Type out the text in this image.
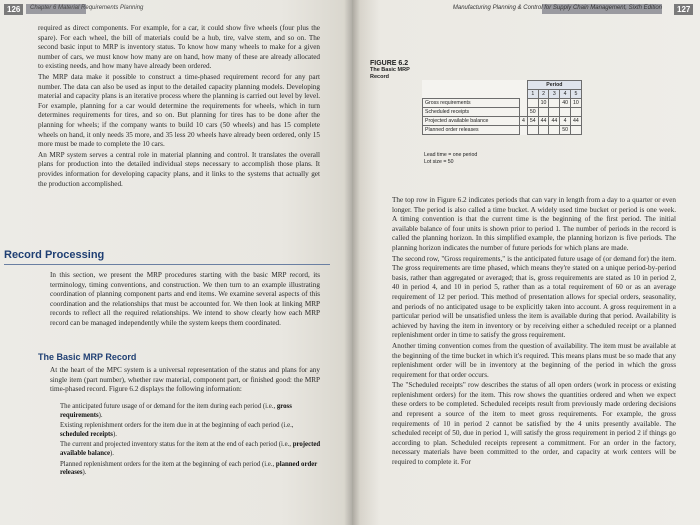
126	Chapter 6 Material Requirements Planning

required as direct components. For example, for a car, it could show five wheels (four plus the spare). For each wheel, the bill of materials could be a hub, tire, valve stem, and so on. The second basic input to MRP is inventory status. To know how many wheels to make for a given number of cars, we must know how many are on hand, how many of these are already allocated to existing needs, and how many have already been ordered.

The MRP data make it possible to construct a time-phased requirement record for any part number. The data can also be used as input to the detailed capacity planning models. Developing material and capacity plans is an iterative process where the planning is carried out level by level. For example, planning for a car would determine the requirements for wheels, which in turn determines requirements for tires, and so on. But planning for tires has to be done after the planning for wheels; if the company wants to build 10 cars (50 wheels) and has 15 complete wheels on hand, it only needs 35 more, and 35 less 20 wheels have already been ordered, only 15 more must be made to complete the 10 cars.

An MRP system serves a central role in material planning and control. It translates the overall plans for production into the detailed individual steps necessary to accomplish those plans. It provides information for developing capacity plans, and it links to the systems that actually get the production accomplished.

Record Processing
In this section, we present the MRP procedures starting with the basic MRP record, its terminology, timing conventions, and construction. We then turn to an example illustrating coordination of planning component parts and end items. We examine several aspects of this coordination and the relationships that must be accounted for. We then look at linking MRP records to reflect all the required relationships. We intend to show clearly how each MRP record can be managed independently while the system keeps them coordinated.
The Basic MRP Record
At the heart of the MPC system is a universal representation of the status and plans for any single item (part number), whether raw material, component part, or finished good: the MRP time-phased record. Figure 6.2 displays the following information:
The anticipated future usage of or demand for the item during each period (i.e., gross requirements).
Existing replenishment orders for the item due in at the beginning of each period (i.e., scheduled receipts).
The current and projected inventory status for the item at the end of each period (i.e., projected available balance).
Planned replenishment orders for the item at the beginning of each period (i.e., planned order releases).
Manufacturing Planning & Control for Supply Chain Management, Sixth Edition	127
FIGURE 6.2
The Basic MRP Record
		Period				
		1	2	3	4	5
Gross requirements			10		40	10
Scheduled receipts		50				
Projected available balance	4	54	44	44	4	44
Planned order releases					50	
Lead time = one period
Lot size = 50

The top row in Figure 6.2 indicates periods that can vary in length from a day to a quarter or even longer. The period is also called a time bucket. A widely used time bucket or period is one week. A timing convention is that the current time is the beginning of the first period. The initial available balance of four units is shown prior to period 1. The number of periods in the record is called the planning horizon. In this simplified example, the planning horizon is five periods. The planning horizon indicates the number of future periods for which plans are made.

The second row, "Gross requirements," is the anticipated future usage of (or demand for) the item. The gross requirements are time phased, which means they're stated on a unique period-by-period basis, rather than aggregated or averaged; that is, gross requirements are stated as 10 in period 2, 40 in period 4, and 10 in period 5, rather than as a total requirement of 60 or as an average requirement of 12 per period. This method of presentation allows for special orders, seasonality, and periods of no anticipated usage to be explicitly taken into account. A gross requirement in a particular period will be unsatisfied unless the item is available during that period. Availability is achieved by having the item in inventory or by receiving either a scheduled receipt or a planned replenishment order in time to satisfy the gross requirement.

Another timing convention comes from the question of availability. The item must be available at the beginning of the time bucket in which it's required. This means plans must be so made that any replenishment order will be in inventory at the beginning of the period in which the gross requirement for that order occurs.

The "Scheduled receipts" row describes the status of all open orders (work in process or existing replenishment orders) for the item. This row shows the quantities ordered and when we expect these orders to be completed. Scheduled receipts result from previously made ordering decisions and represent a source of the item to meet gross requirements. For example, the gross requirements of 10 in period 2 cannot be satisfied by the 4 units presently available. The scheduled receipt of 50, due in period 1, will satisfy the gross requirement in period 2 if things go according to plan. Scheduled receipts represent a commitment. For an order in the factory, necessary materials have been committed to the order, and capacity at work centers will be required to complete it. For
